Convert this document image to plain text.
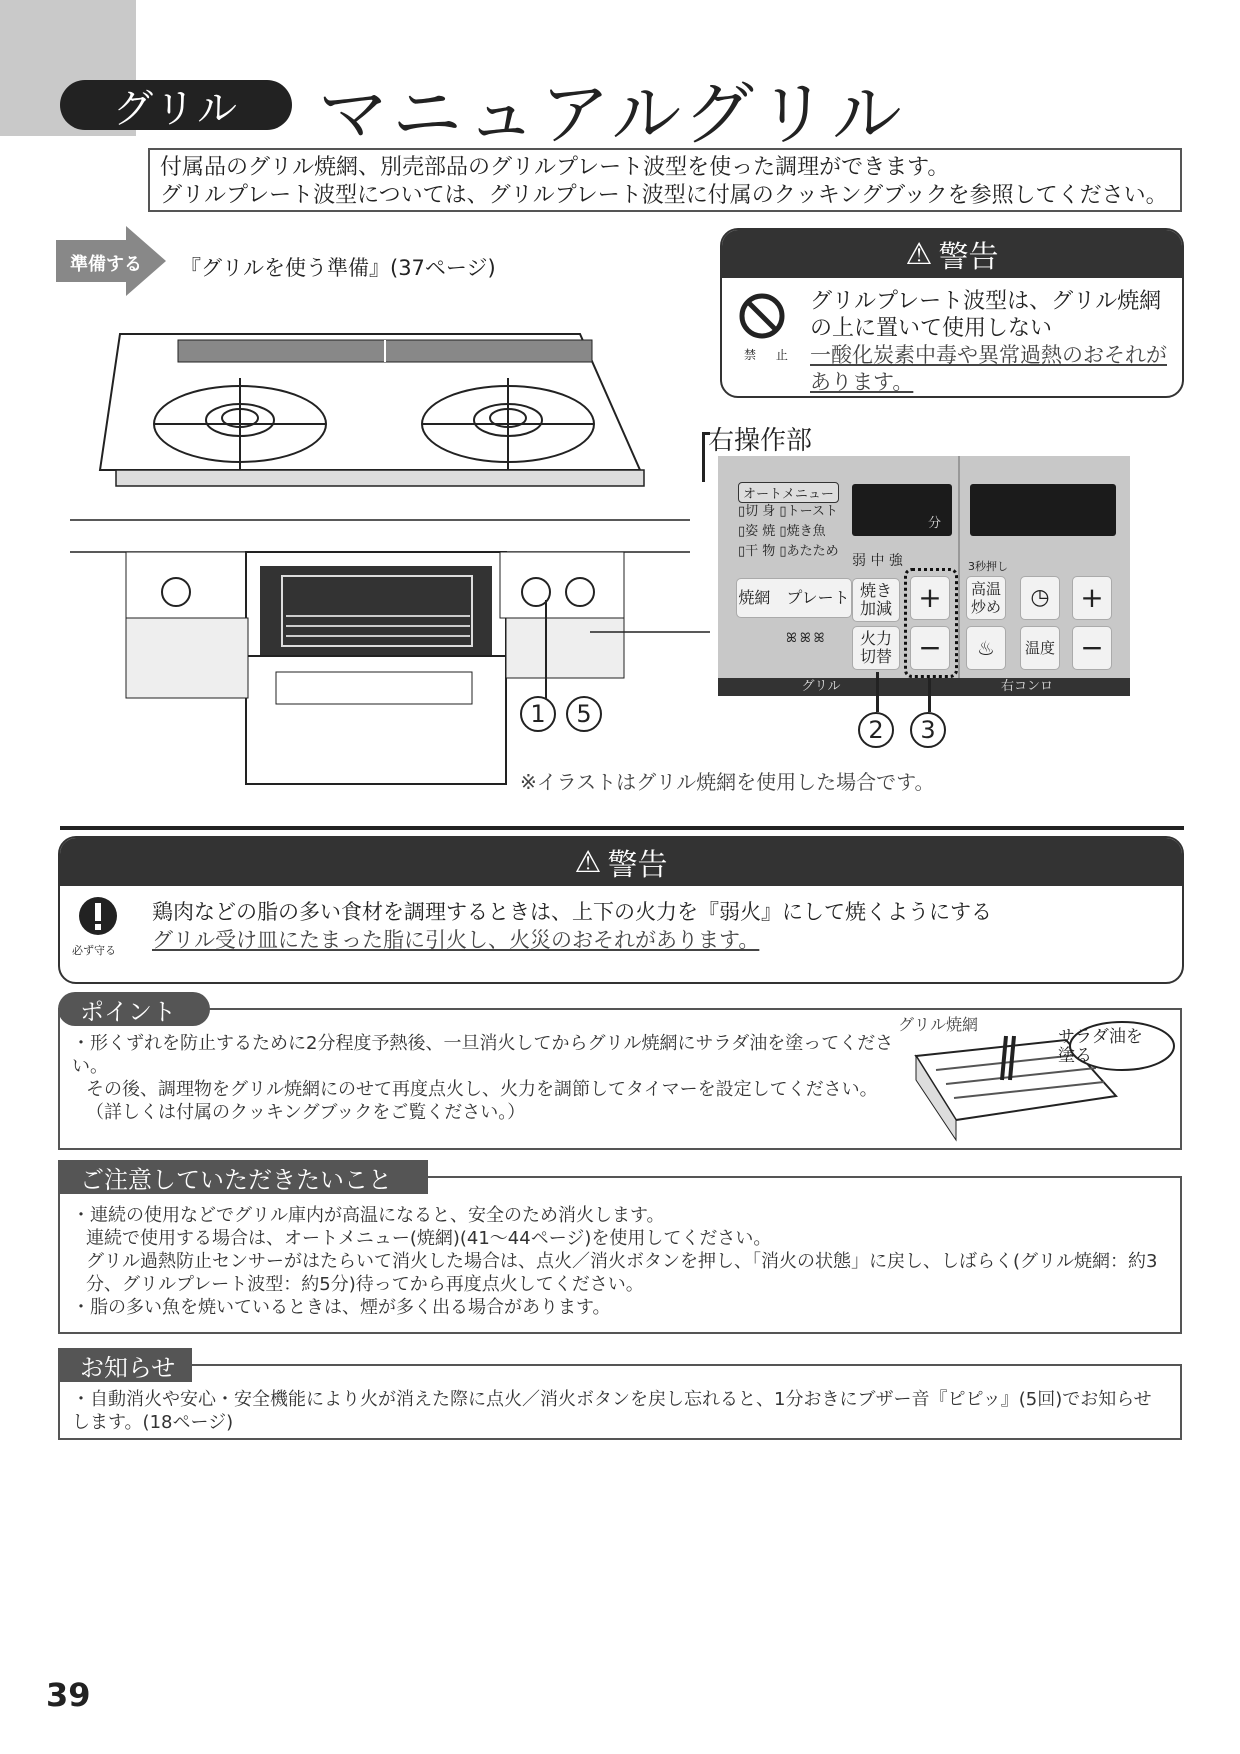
グリル	マニュアルグリル
付属品のグリル焼網、別売部品のグリルプレート波型を使った調理ができます。
グリルプレート波型については、グリルプレート波型に付属のクッキングブックを参照してください。
準備する 『グリルを使う準備』(37ページ)	⚠ 警告
禁 止
グリルプレート波型は、グリル焼網の上に置いて使用しない
一酸化炭素中毒や異常過熱のおそれがあります。
右操作部
オートメニュー
▯切 身 ▯トースト
▯姿 焼 ▯焼き魚
▯干 物 ▯あたため
分
弱 中 強	3秒押し
焼網　プレート 焼き 加減 +
−
火力 切替
ꕤꕤꕤ
高温 炒め ◷ +
♨	温度 −
グリル	右コンロ
1	5
2	3
※イラストはグリル焼網を使用した場合です。
⚠ 警告
必ず守る
鶏肉などの脂の多い食材を調理するときは、上下の火力を『弱火』にして焼くようにする
グリル受け皿にたまった脂に引火し、火災のおそれがあります。

・形くずれを防止するために2分程度予熱後、一旦消火してからグリル焼網にサラダ油を塗ってください。

その後、調理物をグリル焼網にのせて再度点火し、火力を調節してタイマーを設定してください。

（詳しくは付属のクッキングブックをご覧ください。）

ポイント	グリル焼網
サラダ油を塗る

・連続の使用などでグリル庫内が高温になると、安全のため消火します。

連続で使用する場合は、オートメニュー(焼網)(41〜44ページ)を使用してください。

グリル過熱防止センサーがはたらいて消火した場合は、点火／消火ボタンを押し、「消火の状態」に戻し、しばらく(グリル焼網：約3分、グリルプレート波型：約5分)待ってから再度点火してください。

・脂の多い魚を焼いているときは、煙が多く出る場合があります。

ご注意していただきたいこと

・自動消火や安心・安全機能により火が消えた際に点火／消火ボタンを戻し忘れると、1分おきにブザー音『ピピッ』(5回)でお知らせします。(18ページ)

お知らせ
39
